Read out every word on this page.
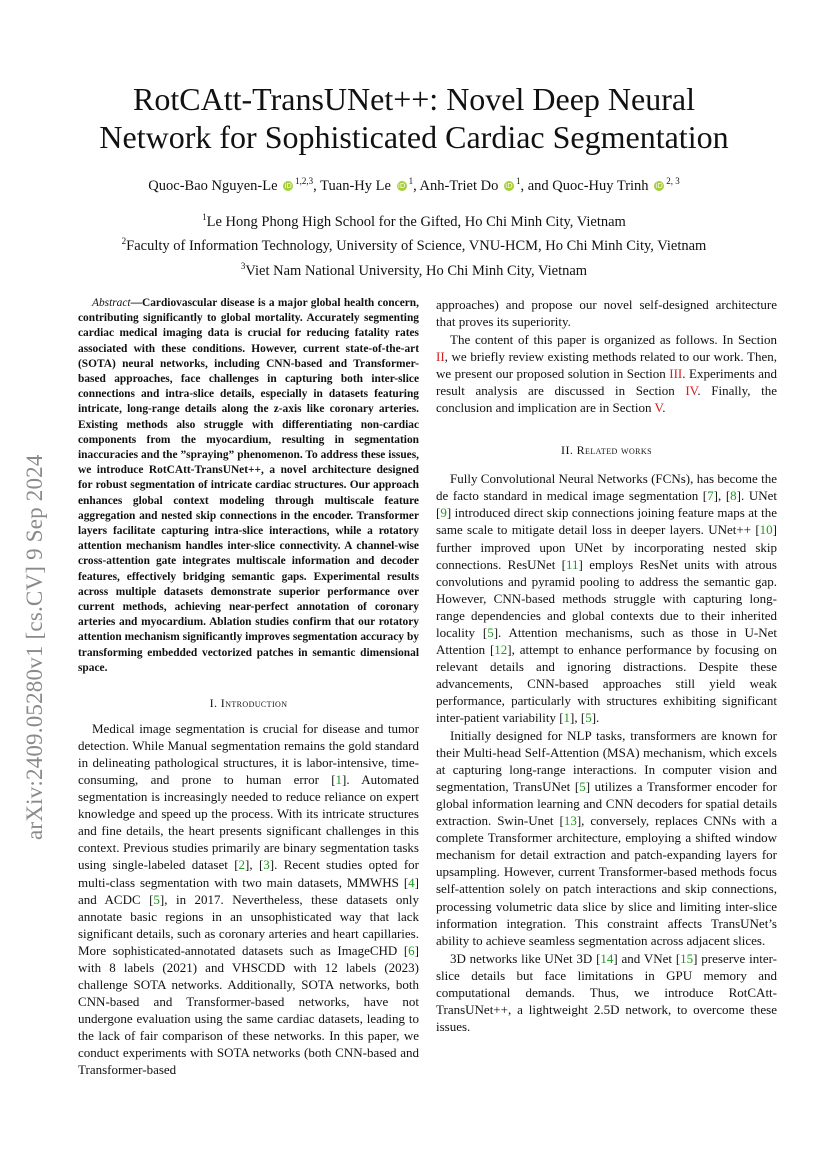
arXiv:2409.05280v1 [cs.CV] 9 Sep 2024
RotCAtt-TransUNet++: Novel Deep Neural
Network for Sophisticated Cardiac Segmentation
Quoc-Bao Nguyen-Le iD $^{1,2,3}$, Tuan-Hy Le iD $^1$, Anh-Triet Do iD $^1$, and Quoc-Huy Trinh iD $^{2, 3}$
$^1$Le Hong Phong High School for the Gifted, Ho Chi Minh City, Vietnam
$^2$Faculty of Information Technology, University of Science, VNU-HCM, Ho Chi Minh City, Vietnam
$^3$Viet Nam National University, Ho Chi Minh City, Vietnam

Abstract—Cardiovascular disease is a major global health concern, contributing significantly to global mortality. Accurately segmenting cardiac medical imaging data is crucial for reducing fatality rates associated with these conditions. However, current state-of-the-art (SOTA) neural networks, including CNN-based and Transformer-based approaches, face challenges in capturing both inter-slice connections and intra-slice details, especially in datasets featuring intricate, long-range details along the z-axis like coronary arteries. Existing methods also struggle with differentiating non-cardiac components from the myocardium, resulting in segmentation inaccuracies and the ”spraying” phenomenon. To address these issues, we introduce RotCAtt-TransUNet++, a novel architecture designed for robust segmentation of intricate cardiac structures. Our approach enhances global context modeling through multiscale feature aggregation and nested skip connections in the encoder. Transformer layers facilitate capturing intra-slice interactions, while a rotatory attention mechanism handles inter-slice connectivity. A channel-wise cross-attention gate integrates multiscale information and decoder features, effectively bridging semantic gaps. Experimental results across multiple datasets demonstrate superior performance over current methods, achieving near-perfect annotation of coronary arteries and myocardium. Ablation studies confirm that our rotatory attention mechanism significantly improves segmentation accuracy by transforming embedded vectorized patches in semantic dimensional space.

I. Introduction

Medical image segmentation is crucial for disease and tumor detection. While Manual segmentation remains the gold standard in delineating pathological structures, it is labor-intensive, time-consuming, and prone to human error [1]. Automated segmentation is increasingly needed to reduce reliance on expert knowledge and speed up the process. With its intricate structures and fine details, the heart presents significant challenges in this context. Previous studies primarily are binary segmentation tasks using single-labeled dataset [2], [3]. Recent studies opted for multi-class segmentation with two main datasets, MMWHS [4] and ACDC [5], in 2017. Nevertheless, these datasets only annotate basic regions in an unsophisticated way that lack significant details, such as coronary arteries and heart capillaries. More sophisticated-annotated datasets such as ImageCHD [6] with 8 labels (2021) and VHSCDD with 12 labels (2023) challenge SOTA networks. Additionally, SOTA networks, both CNN-based and Transformer-based networks, have not undergone evaluation using the same cardiac datasets, leading to the lack of fair comparison of these networks. In this paper, we conduct experiments with SOTA networks (both CNN-based and Transformer-based

approaches) and propose our novel self-designed architecture that proves its superiority.

The content of this paper is organized as follows. In Section II, we briefly review existing methods related to our work. Then, we present our proposed solution in Section III. Experiments and result analysis are discussed in Section IV. Finally, the conclusion and implication are in Section V.

II. Related works

Fully Convolutional Neural Networks (FCNs), has become the de facto standard in medical image segmentation [7], [8]. UNet [9] introduced direct skip connections joining feature maps at the same scale to mitigate detail loss in deeper layers. UNet++ [10] further improved upon UNet by incorporating nested skip connections. ResUNet [11] employs ResNet units with atrous convolutions and pyramid pooling to address the semantic gap. However, CNN-based methods struggle with capturing long-range dependencies and global contexts due to their inherited locality [5]. Attention mechanisms, such as those in U-Net Attention [12], attempt to enhance performance by focusing on relevant details and ignoring distractions. Despite these advancements, CNN-based approaches still yield weak performance, particularly with structures exhibiting significant inter-patient variability [1], [5].

Initially designed for NLP tasks, transformers are known for their Multi-head Self-Attention (MSA) mechanism, which excels at capturing long-range interactions. In computer vision and segmentation, TransUNet [5] utilizes a Transformer encoder for global information learning and CNN decoders for spatial details extraction. Swin-Unet [13], conversely, replaces CNNs with a complete Transformer architecture, employing a shifted window mechanism for detail extraction and patch-expanding layers for upsampling. However, current Transformer-based methods focus self-attention solely on patch interactions and skip connections, processing volumetric data slice by slice and limiting inter-slice information integration. This constraint affects TransUNet’s ability to achieve seamless segmentation across adjacent slices.

3D networks like UNet 3D [14] and VNet [15] preserve inter-slice details but face limitations in GPU memory and computational demands. Thus, we introduce RotCAtt-TransUNet++, a lightweight 2.5D network, to overcome these issues.
